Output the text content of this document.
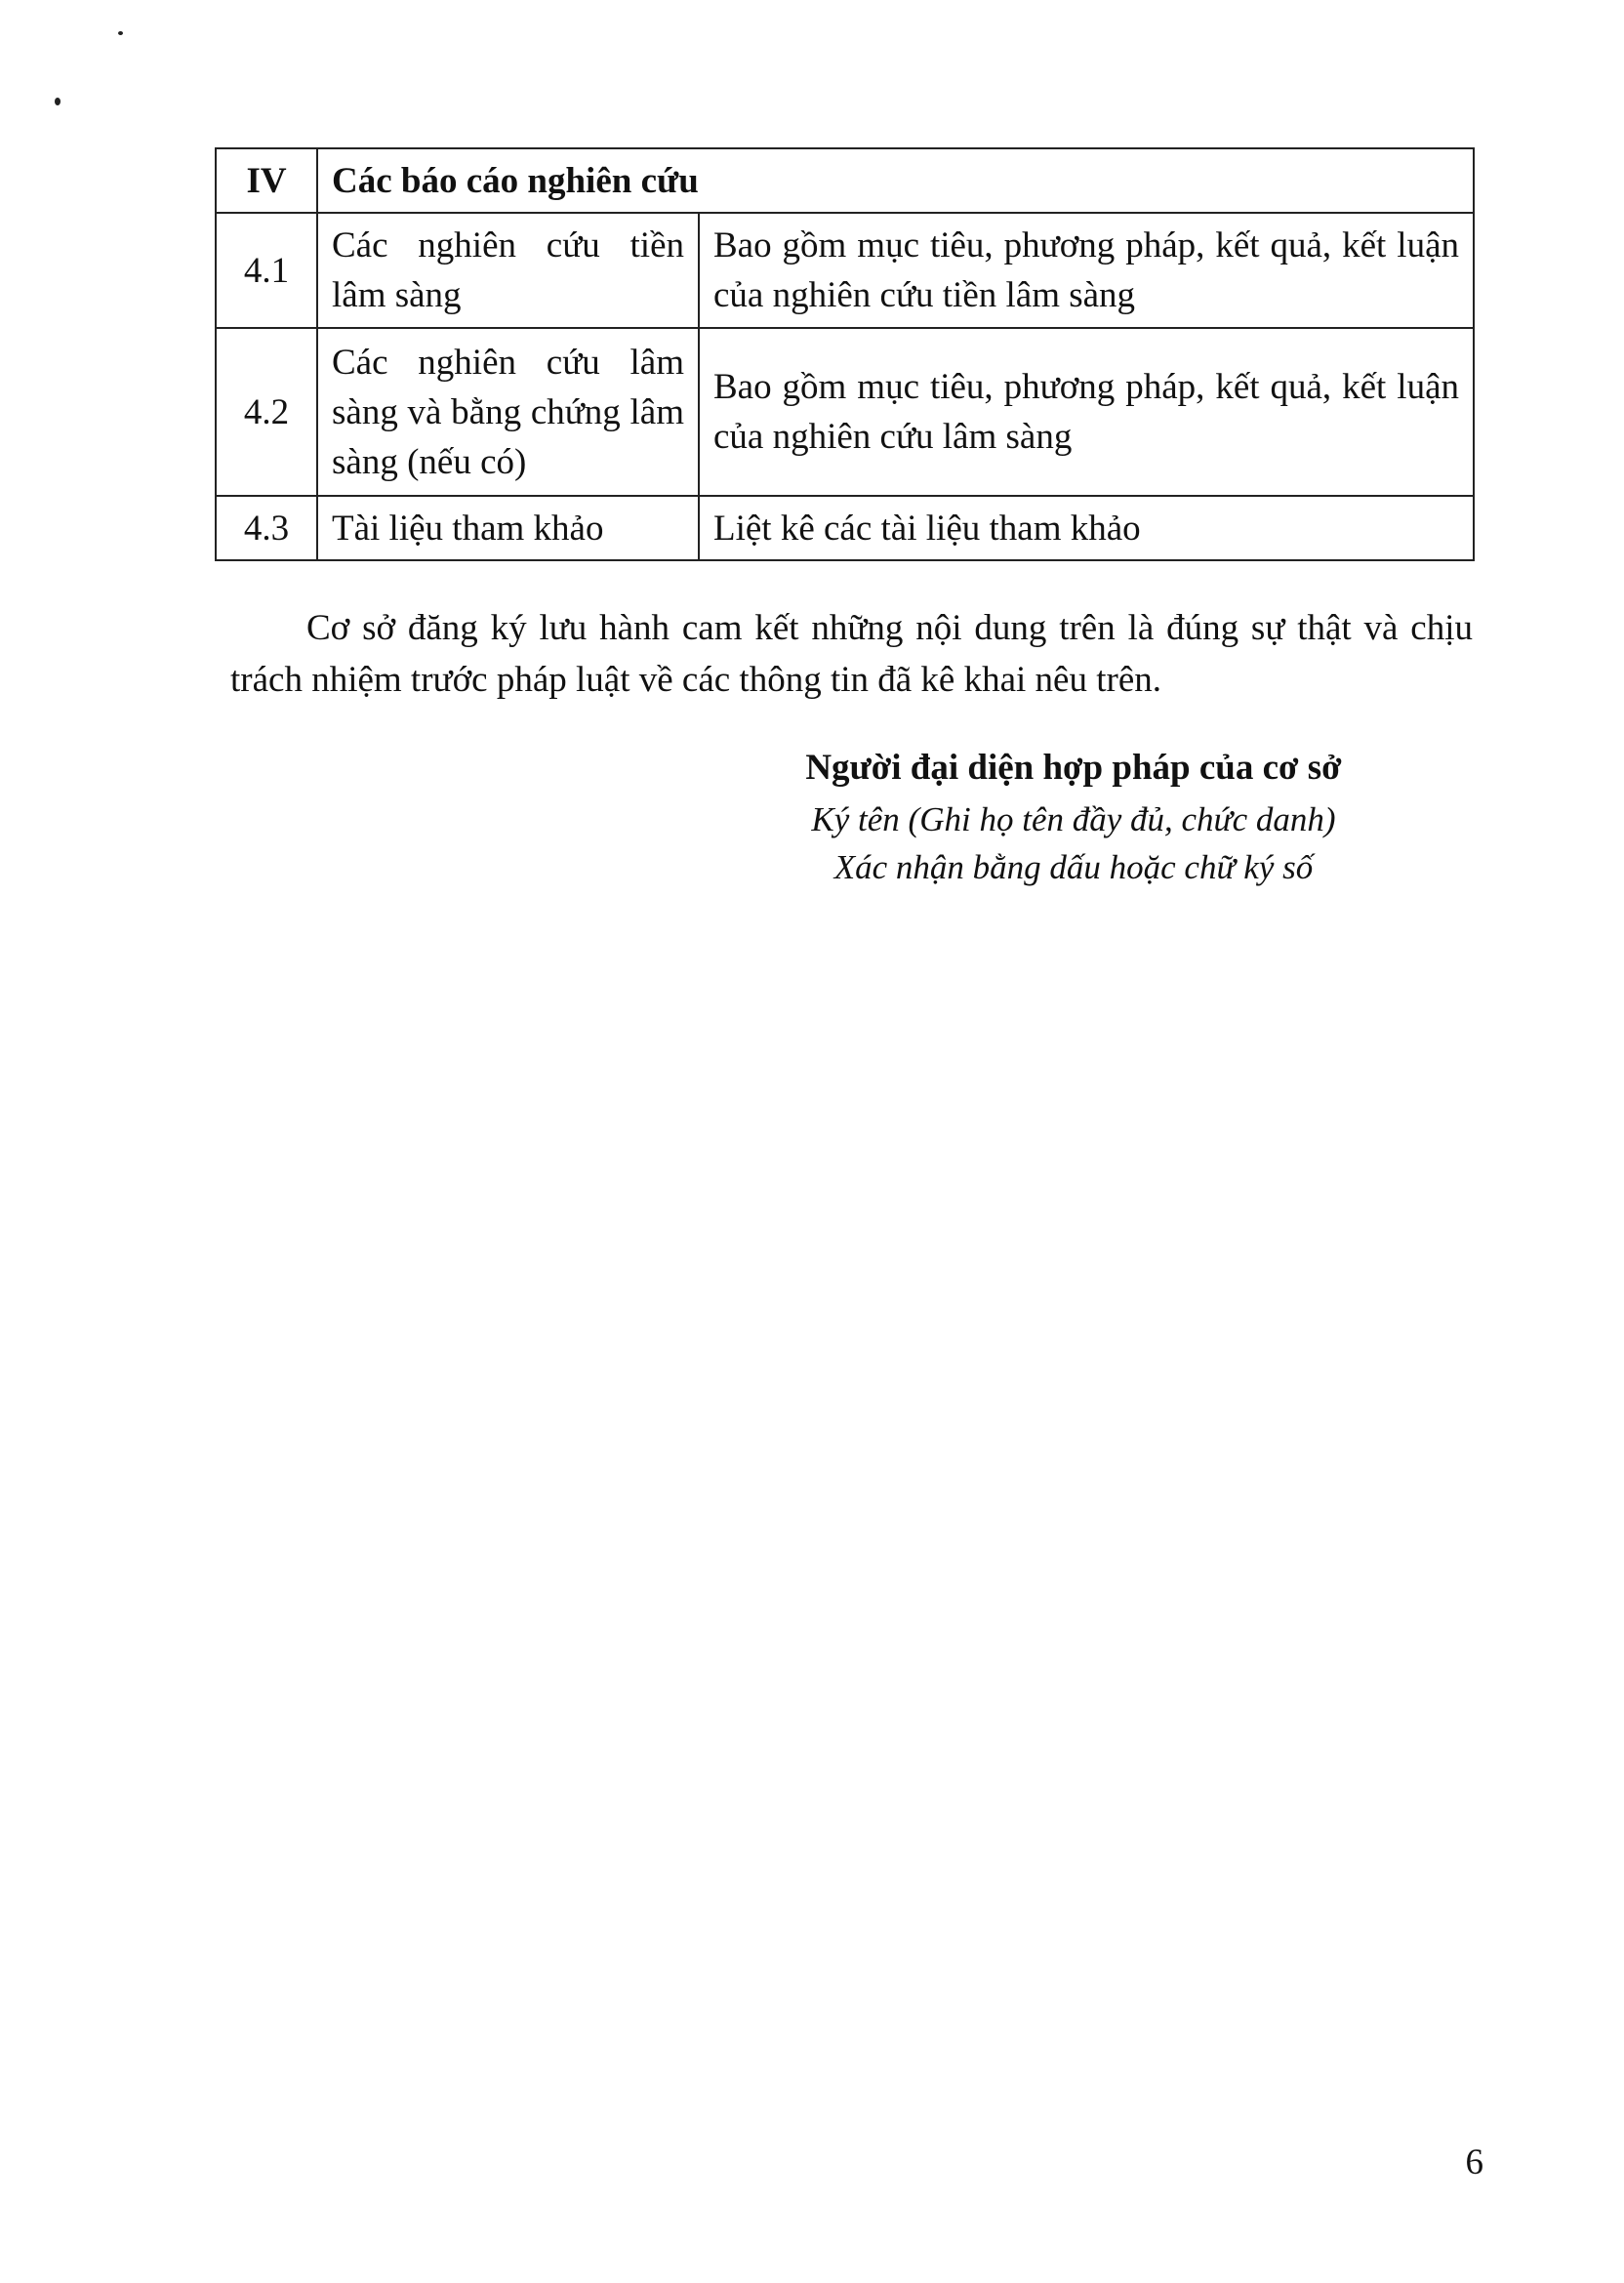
IV	Các báo cáo nghiên cứu	
4.1	Các nghiên cứu tiền lâm sàng	Bao gồm mục tiêu, phương pháp, kết quả, kết luận của nghiên cứu tiền lâm sàng
4.2	Các nghiên cứu lâm sàng và bằng chứng lâm sàng (nếu có)	Bao gồm mục tiêu, phương pháp, kết quả, kết luận của nghiên cứu lâm sàng
4.3	Tài liệu tham khảo	Liệt kê các tài liệu tham khảo

Cơ sở đăng ký lưu hành cam kết những nội dung trên là đúng sự thật và chịu trách nhiệm trước pháp luật về các thông tin đã kê khai nêu trên.

Người đại diện hợp pháp của cơ sở
Ký tên (Ghi họ tên đầy đủ, chức danh)
Xác nhận bằng dấu hoặc chữ ký số
6
